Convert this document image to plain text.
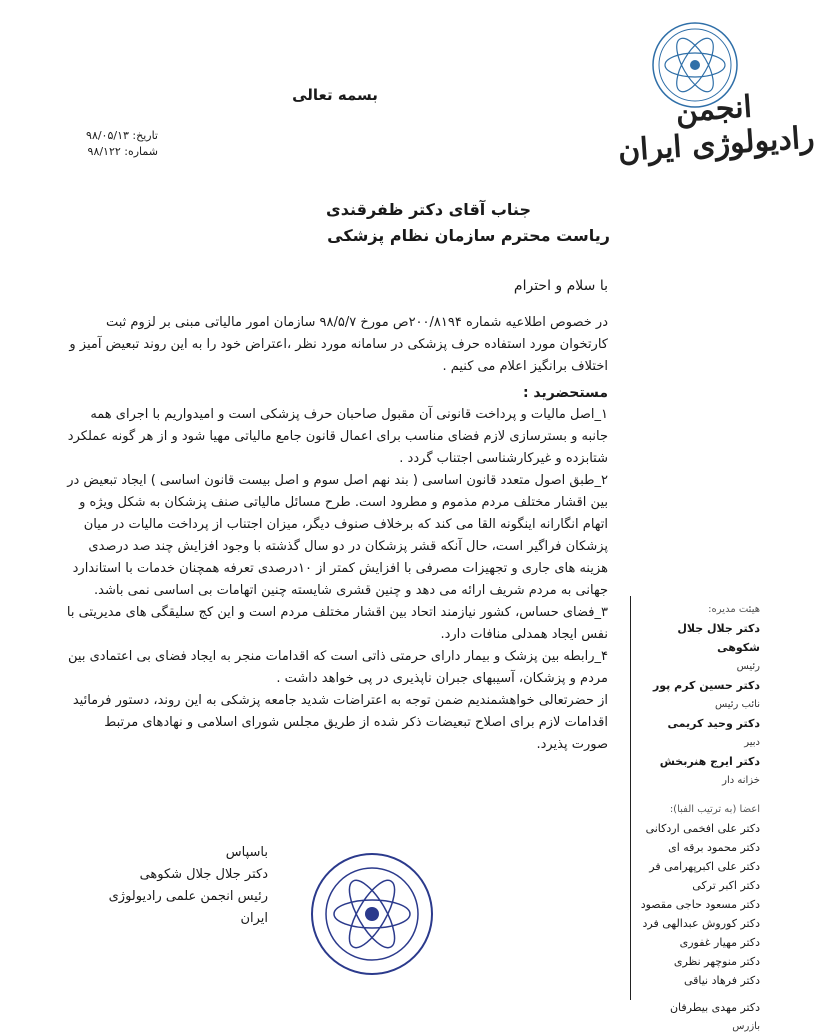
بسمه تعالی	انجمن رادیولوژی ایران
تاریخ: ۹۸/۰۵/۱۳
شماره: ۹۸/۱۲۲
جناب آقای دکتر ظفرقندی
ریاست محترم سازمان نظام پزشکی
با سلام و احترام

در خصوص اطلاعیه شماره ۲۰۰/۸۱۹۴ص مورخ ۹۸/۵/۷ سازمان امور مالیاتی مبنی بر لزوم ثبت کارتخوان مورد استفاده حرف پزشکی در سامانه مورد نظر ،اعتراض خود را به این روند تبعیض آمیز و اختلاف برانگیز اعلام می کنیم .

مستحضرید :

۱_اصل مالیات و پرداخت قانونی آن مقبول صاحبان حرف پزشکی است و امیدواریم با اجرای همه جانبه و بسترسازی لازم فضای مناسب برای اعمال قانون جامع مالیاتی مهیا شود و از هر گونه عملکرد شتابزده و غیرکارشناسی اجتناب گردد .

۲_طبق اصول متعدد قانون اساسی ( بند نهم اصل سوم و اصل بیست قانون اساسی ) ایجاد تبعیض در بین اقشار مختلف مردم مذموم و مطرود است. طرح مسائل مالیاتی صنف پزشکان به شکل ویژه و اتهام انگارانه اینگونه القا می کند که برخلاف صنوف دیگر، میزان اجتناب از پرداخت مالیات در میان پزشکان فراگیر است، حال آنکه قشر پزشکان در دو سال گذشته با وجود افزایش چند صد درصدی هزینه های جاری و تجهیزات مصرفی با افزایش کمتر از ۱۰درصدی تعرفه همچنان خدمات با استاندارد جهانی به مردم شریف ارائه می دهد و چنین قشری شایسته چنین اتهامات بی اساسی نمی باشد.

۳_فضای حساس، کشور نیازمند اتحاد بین اقشار مختلف مردم است و این کج سلیقگی های مدیریتی با نفس ایجاد همدلی منافات دارد.

۴_رابطه بین پزشک و بیمار دارای حرمتی ذاتی است که اقدامات منجر به ایجاد فضای بی اعتمادی بین مردم و پزشکان، آسیبهای جبران ناپذیری در پی خواهد داشت .

از حضرتعالی خواهشمندیم ضمن توجه به اعتراضات شدید جامعه پزشکی به این روند، دستور فرمائید اقدامات لازم برای اصلاح تبعیضات ذکر شده از طریق مجلس شورای اسلامی و نهادهای مرتبط صورت پذیرد.

باسپاس
دکتر جلال جلال شکوهی
رئیس انجمن علمی رادیولوژی ایران
هیئت مدیره:
دکتر جلال جلال شکوهی
رئیس
دکتر حسین کرم پور
نائب رئیس
دکتر وحید کریمی
دبیر
دکتر ایرج هنربخش
خزانه دار
اعضا (به ترتیب الفبا):
دکتر علی افخمی اردکانی
دکتر محمود برقه ای
دکتر علی اکبرپهرامی فر
دکتر اکبر ترکی
دکتر مسعود حاجی مقصود
دکتر کوروش عبدالهی فرد
دکتر مهیار غفوری
دکتر منوچهر نظری
دکتر فرهاد نیاقی
دکتر مهدی بیطرفان
بازرس
